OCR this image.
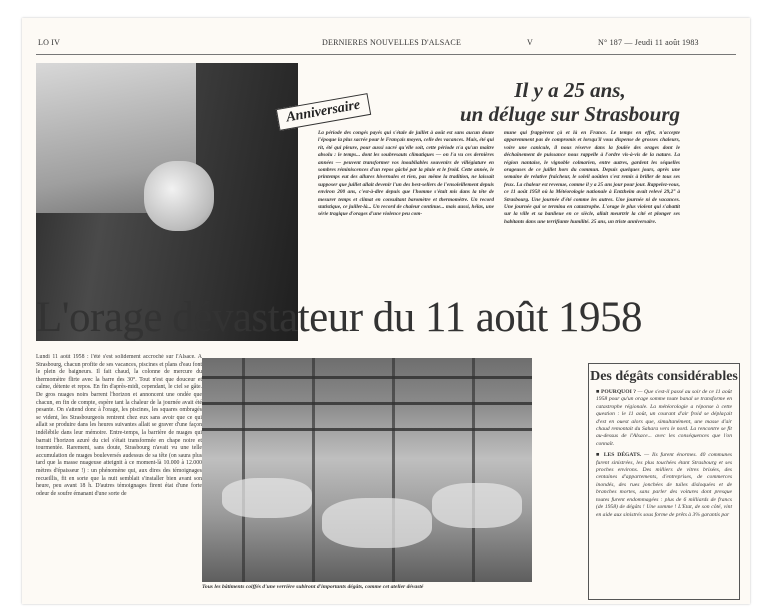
LO IV	DERNIERES NOUVELLES D'ALSACE	V	N° 187 — Jeudi 11 août 1983
Anniversaire
Il y a 25 ans,
un déluge sur Strasbourg
La période des congés payés qui s'étale de juillet à août est sans aucun doute l'époque la plus sacrée pour le Français moyen, celle des vacances. Mais, été qui rit, été qui pleure, pour aussi sacré qu'elle soit, cette période n'a qu'un maître absolu : le temps... dont les soubresauts climatiques — on l'a vu ces dernières années — peuvent transformer vos inoubliables souvenirs de villégiature en sombres réminiscences d'un repos gâché par la pluie et le froid. Cette année, le printemps eut des allures hivernales et rien, pas même la tradition, ne laissait supposer que juillet allait devenir l'un des best-sellers de l'ensoleillement depuis environ 200 ans, c'est-à-dire depuis que l'homme s'était mis dans la tête de mesurer temps et climat en consultant baromètre et thermomètre. Un record statistique, ce juillet-là... Un record de chaleur continue... mais aussi, hélas, une série tragique d'orages d'une violence peu com-
mune qui frappèrent çà et là en France. Le temps en effet, n'accepte apparemment pas de compromis et lorsqu'il vous dispense de grosses chaleurs, voire une canicule, il nous réserve dans la foulée des orages dont le déchaînement de puissance nous rappelle à l'ordre vis-à-vis de la nature. La région nantaise, le vignoble colmarien, entre autres, gardent les séquelles orageuses de ce juillet hors du commun. Depuis quelques jours, après une semaine de relative fraîcheur, le soleil aoûtien s'est remis à briller de tous ses feux. La chaleur est revenue, comme il y a 25 ans jour pour jour. Rappelez-vous, ce 11 août 1958 où la Météorologie nationale à Entzheim avait relevé 29,2° à Strasbourg. Une journée d'été comme les autres. Une journée ni de vacances. Une journée qui se termina en catastrophe. L'orage le plus violent qui s'abattit sur la ville et sa banlieue en ce siècle, allait meurtrir la cité et plonger ses habitants dans une terrifiante humilité. 25 ans, un triste anniversaire.
L'orage dévastateur du 11 août 1958
Lundi 11 août 1958 : l'été s'est solidement accroché sur l'Alsace. A Strasbourg, chacun profite de ses vacances, piscines et plans d'eau font le plein de baigneurs. Il fait chaud, la colonne de mercure du thermomètre flirte avec la barre des 30°. Tout n'est que douceur et calme, détente et repos. En fin d'après-midi, cependant, le ciel se gâte. De gros nuages noirs barrent l'horizon et annoncent une ondée que chacun, en fin de compte, espère tant la chaleur de la journée avait été pesante. On s'attend donc à l'orage, les piscines, les squares ombragés se vident, les Strasbourgeois rentrent chez eux sans avoir que ce qui allait se produire dans les heures suivantes allait se graver d'une façon indélébile dans leur mémoire. Entre-temps, la barrière de nuages qui barrait l'horizon azuré du ciel s'était transformée en chape noire et tourmentée. Rarement, sans doute, Strasbourg n'avait vu une telle accumulation de nuages bouleversés audessus de sa tête (on saura plus tard que la masse nuageuse atteignit à ce moment-là 10.000 à 12.000 mètres d'épaisseur !) : un phénomène qui, aux dires des témoignages recueillis, fit en sorte que la nuit semblait s'installer bien avant son heure, peu avant 18 h. D'autres témoignages firent état d'une forte odeur de soufre émanant d'une sorte de
Tous les bâtiments coiffés d'une verrière subiront d'importants dégâts, comme cet atelier dévasté
Des dégâts considérables
■ POURQUOI ? — Que s'est-il passé au soir de ce 11 août 1958 pour qu'un orage somme toute banal se transforme en catastrophe régionale. La météorologie a réponse à cette question : le 11 août, un courant d'air froid se déplaçait d'est en ouest alors que, simultanément, une masse d'air chaud remontait du Sahara vers le nord. La rencontre se fit au-dessus de l'Alsace... avec les conséquences que l'on connaît.
■ LES DÉGATS. — Ils furent énormes. 40 communes furent sinistrées, les plus touchées étant Strasbourg et ses proches environs. Des milliers de vitres brisées, des centaines d'appartements, d'entreprises, de commerces inondés, des rues jonchées de tuiles disloquées et de branches mortes, sans parler des voitures dont presque toutes furent endommagées : plus de 6 milliards de francs (de 1958) de dégâts ! Une somme ! L'Etat, de son côté, vint en aide aux sinistrés sous forme de prêts à 3% garantis par
